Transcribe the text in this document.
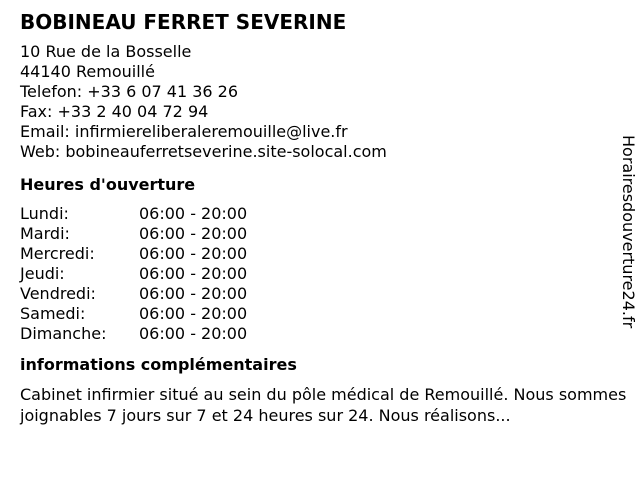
BOBINEAU FERRET SEVERINE
10 Rue de la Bosselle
44140 Remouillé
Telefon: +33 6 07 41 36 26
Fax: +33 2 40 04 72 94
Email: infirmiereliberaleremouille@live.fr
Web: bobineauferretseverine.site-solocal.com
Heures d'ouverture
Lundi:	06:00 - 20:00
Mardi:	06:00 - 20:00
Mercredi:	06:00 - 20:00
Jeudi:	06:00 - 20:00
Vendredi:	06:00 - 20:00
Samedi:	06:00 - 20:00
Dimanche:	06:00 - 20:00
informations complémentaires
Cabinet infirmier situé au sein du pôle médical de Remouillé. Nous sommes joignables 7 jours sur 7 et 24 heures sur 24. Nous réalisons...
Horairesdouverture24.fr
